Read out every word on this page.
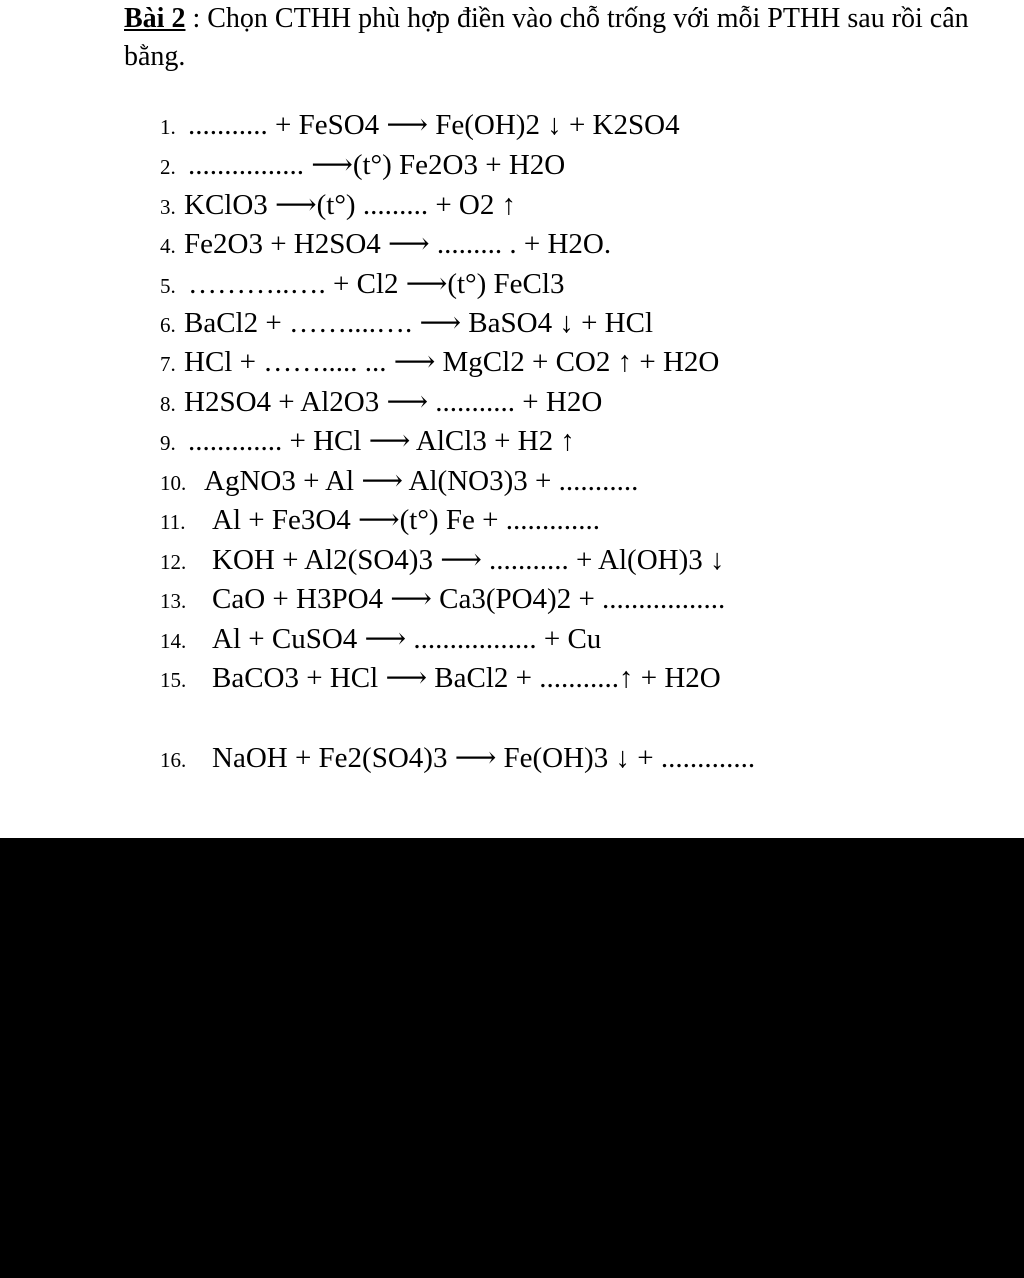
Bài 2 : Chọn CTHH phù hợp điền vào chỗ trống với mỗi PTHH sau rồi cân bằng.
1. ........... + FeSO4 ⟶ Fe(OH)2 ↓ + K2SO4
2. ................ ⟶(t°) Fe2O3 + H2O
3. KClO3 ⟶(t°) ......... + O2 ↑
4. Fe2O3 + H2SO4 ⟶ ......... . + H2O.
5. ………..…. + Cl2 ⟶(t°) FeCl3
6. BaCl2 + ……....…. ⟶ BaSO4 ↓ + HCl
7. HCl + ……..... ... ⟶ MgCl2 + CO2 ↑ + H2O
8. H2SO4 + Al2O3 ⟶ ........... + H2O
9. ............. + HCl ⟶ AlCl3 + H2 ↑
10. AgNO3 + Al ⟶ Al(NO3)3 + ...........
11. Al + Fe3O4 ⟶(t°) Fe + .............
12. KOH + Al2(SO4)3 ⟶ ........... + Al(OH)3 ↓
13. CaO + H3PO4 ⟶ Ca3(PO4)2 + .................
14. Al + CuSO4 ⟶ ................. + Cu
15. BaCO3 + HCl ⟶ BaCl2 + ...........↑ + H2O
16. NaOH + Fe2(SO4)3 ⟶ Fe(OH)3 ↓ + .............
